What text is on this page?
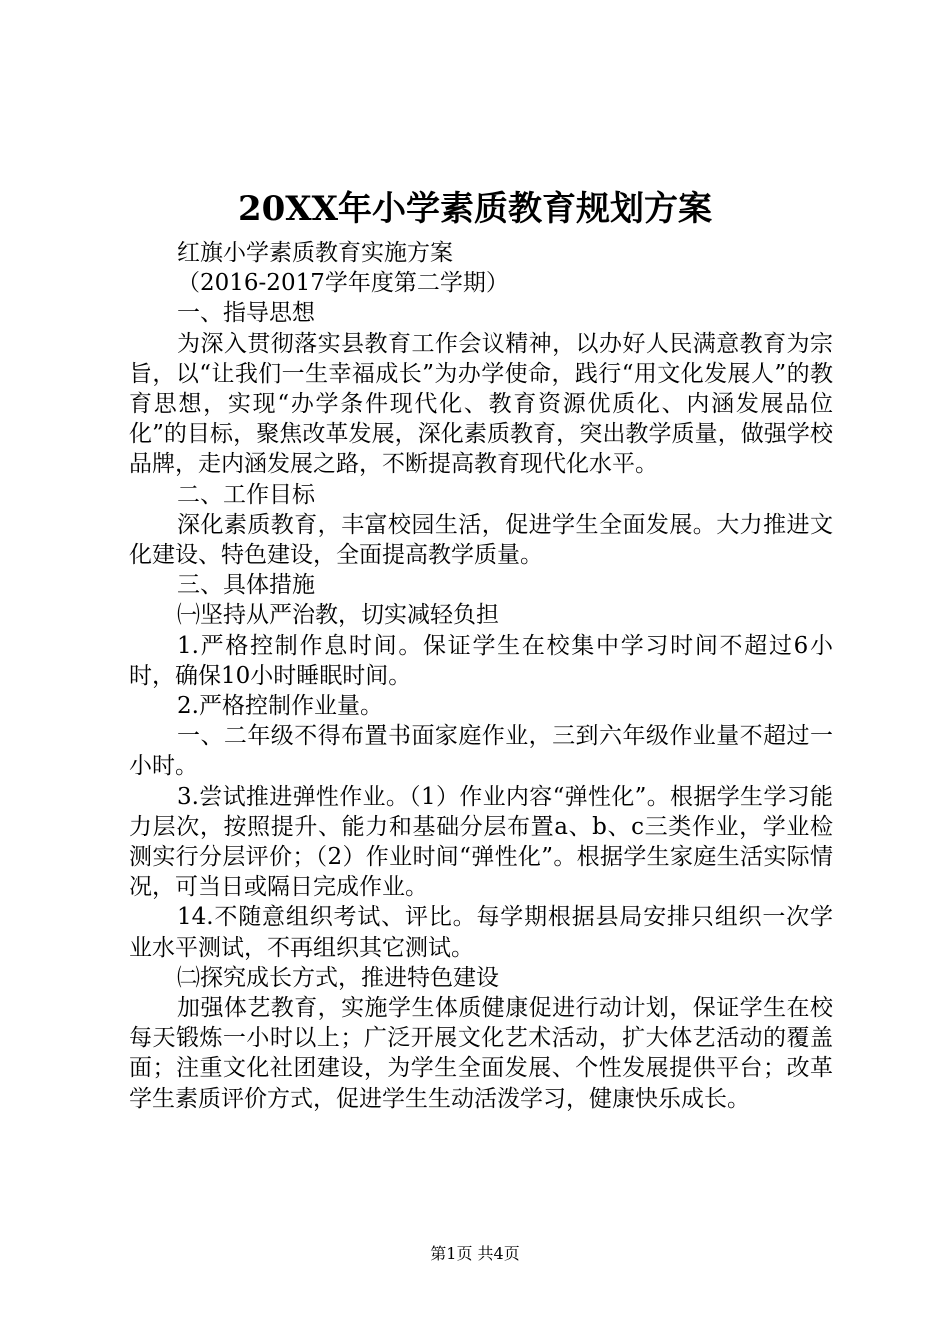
20XX年小学素质教育规划方案

红旗小学素质教育实施方案

（2016-2017学年度第二学期）

一、指导思想

为深入贯彻落实县教育工作会议精神，以办好人民满意教育为宗旨，以“让我们一生幸福成长”为办学使命，践行“用文化发展人”的教育思想，实现“办学条件现代化、教育资源优质化、内涵发展品位化”的目标，聚焦改革发展，深化素质教育，突出教学质量，做强学校品牌，走内涵发展之路，不断提高教育现代化水平。

二、工作目标

深化素质教育，丰富校园生活，促进学生全面发展。大力推进文化建设、特色建设，全面提高教学质量。

三、具体措施

㈠坚持从严治教，切实减轻负担

1.严格控制作息时间。保证学生在校集中学习时间不超过6小时，确保10小时睡眠时间。

2.严格控制作业量。

一、二年级不得布置书面家庭作业，三到六年级作业量不超过一小时。

3.尝试推进弹性作业。（1）作业内容“弹性化”。根据学生学习能力层次，按照提升、能力和基础分层布置a、b、c三类作业，学业检测实行分层评价；（2）作业时间“弹性化”。根据学生家庭生活实际情况，可当日或隔日完成作业。

14.不随意组织考试、评比。每学期根据县局安排只组织一次学业水平测试，不再组织其它测试。

㈡探究成长方式，推进特色建设

加强体艺教育，实施学生体质健康促进行动计划，保证学生在校每天锻炼一小时以上；广泛开展文化艺术活动，扩大体艺活动的覆盖面；注重文化社团建设，为学生全面发展、个性发展提供平台；改革学生素质评价方式，促进学生生动活泼学习，健康快乐成长。

第1页 共4页
